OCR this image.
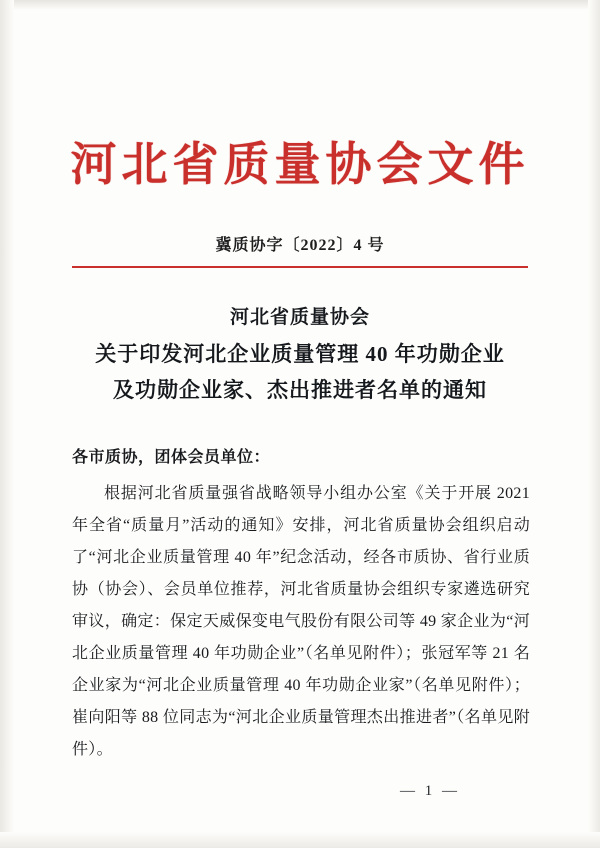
河北省质量协会文件
冀质协字〔2022〕4 号
河北省质量协会
关于印发河北企业质量管理 40 年功勋企业
及功勋企业家、杰出推进者名单的通知
各市质协，团体会员单位：
根据河北省质量强省战略领导小组办公室《关于开展 2021 年全省“质量月”活动的通知》安排，河北省质量协会组织启动了“河北企业质量管理 40 年”纪念活动，经各市质协、省行业质协（协会）、会员单位推荐，河北省质量协会组织专家遴选研究审议，确定：保定天威保变电气股份有限公司等 49 家企业为“河北企业质量管理 40 年功勋企业”（名单见附件）；张冠军等 21 名企业家为“河北企业质量管理 40 年功勋企业家”（名单见附件）；崔向阳等 88 位同志为“河北企业质量管理杰出推进者”（名单见附件）。
— 1 —
